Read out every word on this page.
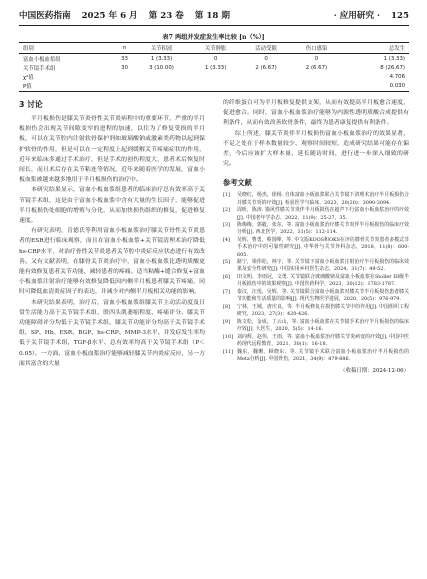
中国医药指南 2025 年 6 月 第 23 卷 第 18 期	· 应用研究 · 125
表7 两组并发症发生率比较 [n（%）]
组别	n	关节积液	关节肿胀	活动受限	伤口感染	总发生
富血小板血浆组	33	1 (3.33)	0	0	0	1 (3.33)
关节镜手术组	30	3 (10.00)	1 (3.33)	2 (6.67)	2 (6.67)	8 (26.67)
χ²值						4.706
P值						0.030
3 讨论

半月板损伤是膝关节炎骨性关节炎病程中的重要环节，严重的半月板损伤会出现关节间隙变窄的进程的加速，以往为了修复受损的半月板，可以在关节腔内注射软骨保护剂如玻璃酸钠或激素类药物以起到保护软骨的作用，但是可以在一定程度上起到缓解关节疼痛症状的作用，近年来临床多通过手术治疗，但是手术的创伤程度大，患者术后恢复时间长，而且术后存在关节粘连等情况，近年来随着医学的发展，富血小板血浆被越来越多地用于半月板损伤的治疗中。

本研究结果显示，富血小板血浆组患者的临床治疗总有效率高于关节镜手术组，这是由于富血小板血浆中含有大量的生长因子，能够促进半月板损伤处细胞的增殖与分化，从而加快损伤组织的修复，促进修复速度。

有研究表明，肯德氏等利用富血小板血浆治疗膝关节骨性关节炎患者的ESR进行临床观察，而且在富血小板血浆+关节镜清理术治疗降低hs-CRP水平，对治疗骨性关节炎患者关节腔中炎症反应状态进行有效改善。又有文献表明，在膝骨关节炎治疗中，富血小板血浆比透明质酸更能有效修复患者关节功能，减轻患者的疼痛。适当粘酶+缝合修复+富血小板血浆注射治疗能够有效修复降低因内侧半月板患者膝关节疼痛，同时可降低血清炎症因子的表达，并减少对内侧半月板相关功能的影响。

本研究结果表明，治疗后，富血小板血浆组膝关节主动活动度及日常生活能力高于关节镜手术组，股四头肌萎缩程度、疼痛评分、膝关节功能障碍评分均低于关节镜手术组，膝关节功能评分均高于关节镜手术组，SP、Hb、ESR、BGP、hs-CRP、MMP-3水平、并发症发生率均低于关节镜手术组，TGF-β水平、总有效率均高于关节镜手术组（P＜0.05）。一方面，富血小板血浆治疗能够减轻膝关节内炎症反应，另一方面其富含的大量

的纤维蛋白可为半月板修复提供支架，从而有效提高半月板愈合速度，促进愈合。同时，富血小板血浆治疗能够为内源性透明质酸合成提供有利条件，从而有效改善软骨条件，最终为患者康复提供有利条件。

综上所述，膝关节炎伴半月板损伤富血小板血浆治疗的效果显著，不足之处在于样本数量较少、观察时间较短，造成研究结果可能存在偏差，今后应该扩大样本量、延长随访时间，进行进一步深入细致的研究。

参考文献
[1]	吴晓红，杨杰，徐杨. 自体富血小板血浆联合关节镜下清理术治疗半月板损伤合并膝关节炎的疗效[J]. 检验医学与临床，2023，20(20)：3090-3094.
[2]	周昕，陈涛. 锚风性膝关节炎伴半月板损伤在超声下行富血小板血浆治疗的疗效[J]. 中国老年学杂志，2022，11(9)：25-27，35.
[3]	陈梅梅，郭毅，张东，等. 富血小板血浆治疗膝关节炎伴半月板损伤的临床疗效分析[J]. 西北医学，2022，31(5)：112-114.
[4]	吴辉，曹勇，蔡国峰，等. 中文版KOOS和OKS在评估膝骨关节炎患者多模式非手术治疗中的可靠性研究[J]. 中华骨与关节外科杂志，2018，11(8)：600-605.
[5]	路宁，梁伟松，林宇，等. 关节镜下富血小板血浆注射治疗半月板损伤的临床效果及安全性研究[J]. 中国实用乡村医生杂志，2024，31(7)：49-52.
[6]	田文明，李雨冠，文勇. 关节镜联合玻璃酸钠及富血小板血浆在Stoller III级半月板损伤中的效果观察[J]. 中国医药科学，2023，30(12)：1783-1787.
[7]	泰汉，汪莲，吴辉，等. 关节镜联合富血小板血浆对膝关节半月板损伤患者膝关节功能和生活质量的影响[J]. 现代生物医学进展，2020，20(5)：976-979.
[8]	宁林，王城，唐庆良，等. 半月板修复在损伤膝关节中的作用[J]. 中国组织工程研究，2023，27(3)：420-426.
[9]	陈文松，金成，丁云山，等. 富血小板血浆在关节镜手术治疗半月板损伤的临床疗效[J]. 大医生，2020，5(5)：14-16.
[10] 刘向辉，赵伟，王雨，等. 富血小板血浆治疗膝关节炎病变的疗效[J]. 中国中医药现代远程教育，2021，30(1)：16-18.
[11] 魏东，魏珊，顾晓东，等. 关节镜手术联合富血小板血浆治疗半月板损伤的Meta分析[J]. 中国骨伤，2021，34(9)：879-886.
（收稿日期：2024-12-06）
